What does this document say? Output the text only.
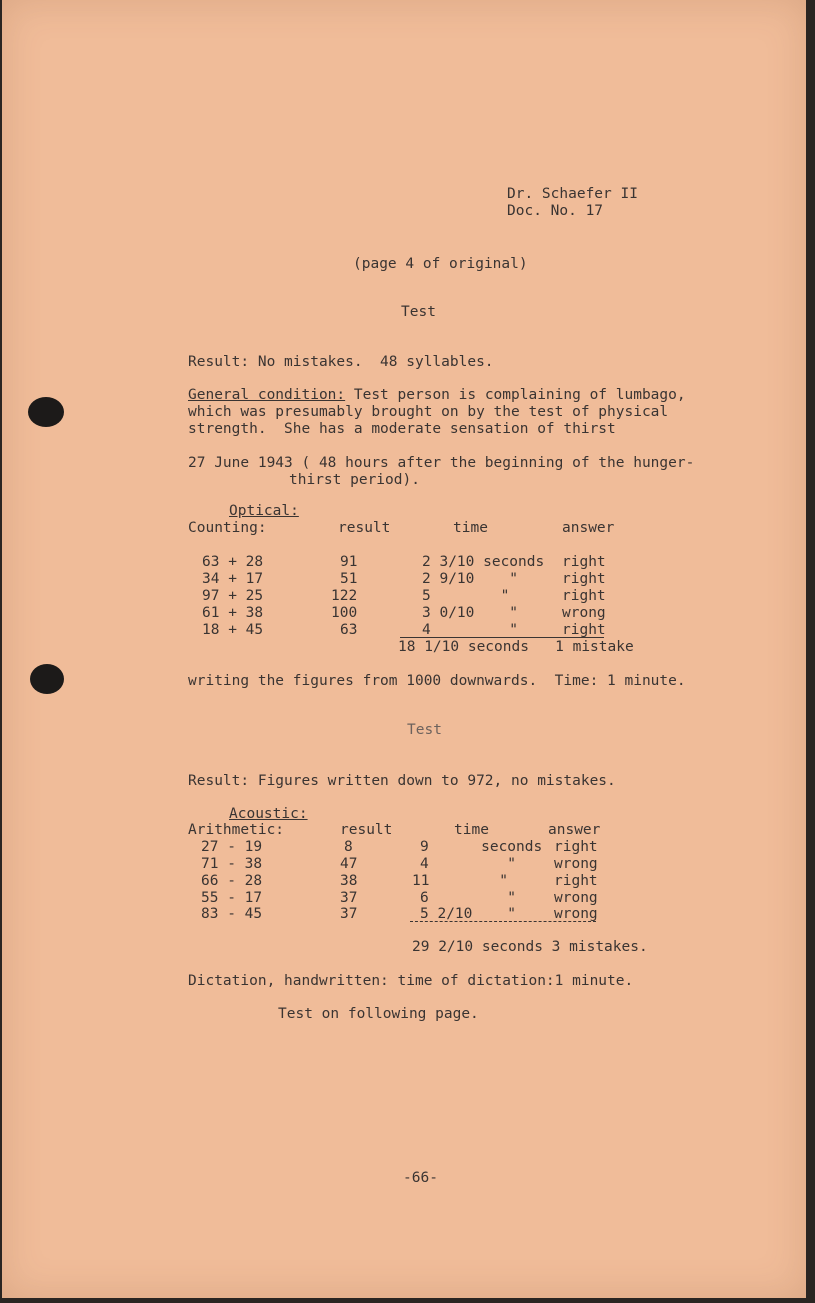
Dr. Schaefer II
Doc. No. 17
(page 4 of original)
Test
Result: No mistakes.  48 syllables.
General condition: Test person is complaining of lumbago,
which was presumably brought on by the test of physical
strength.  She has a moderate sensation of thirst
27 June 1943 ( 48 hours after the beginning of the hunger-
thirst period).
Optical:
Counting:	result	time	answer
63 + 28	91	2 3/10 seconds right
34 + 17	51	2 9/10    "	right
97 + 25	122	5        "	right
61 + 38	100	3 0/10    "	wrong
18 + 45	63	4         "	right
18 1/10 seconds   1 mistake
writing the figures from 1000 downwards.  Time: 1 minute.
Test
Result: Figures written down to 972, no mistakes.
Acoustic:
Arithmetic:	result	time	answer
27 - 19	8	9      seconds right
71 - 38	47	4         "	wrong
66 - 28	38	11        "	right
55 - 17	37	6         "	wrong
83 - 45	37	5 2/10    "	wrong
29 2/10 seconds 3 mistakes.
Dictation, handwritten: time of dictation:1 minute.
Test on following page.
-66-
